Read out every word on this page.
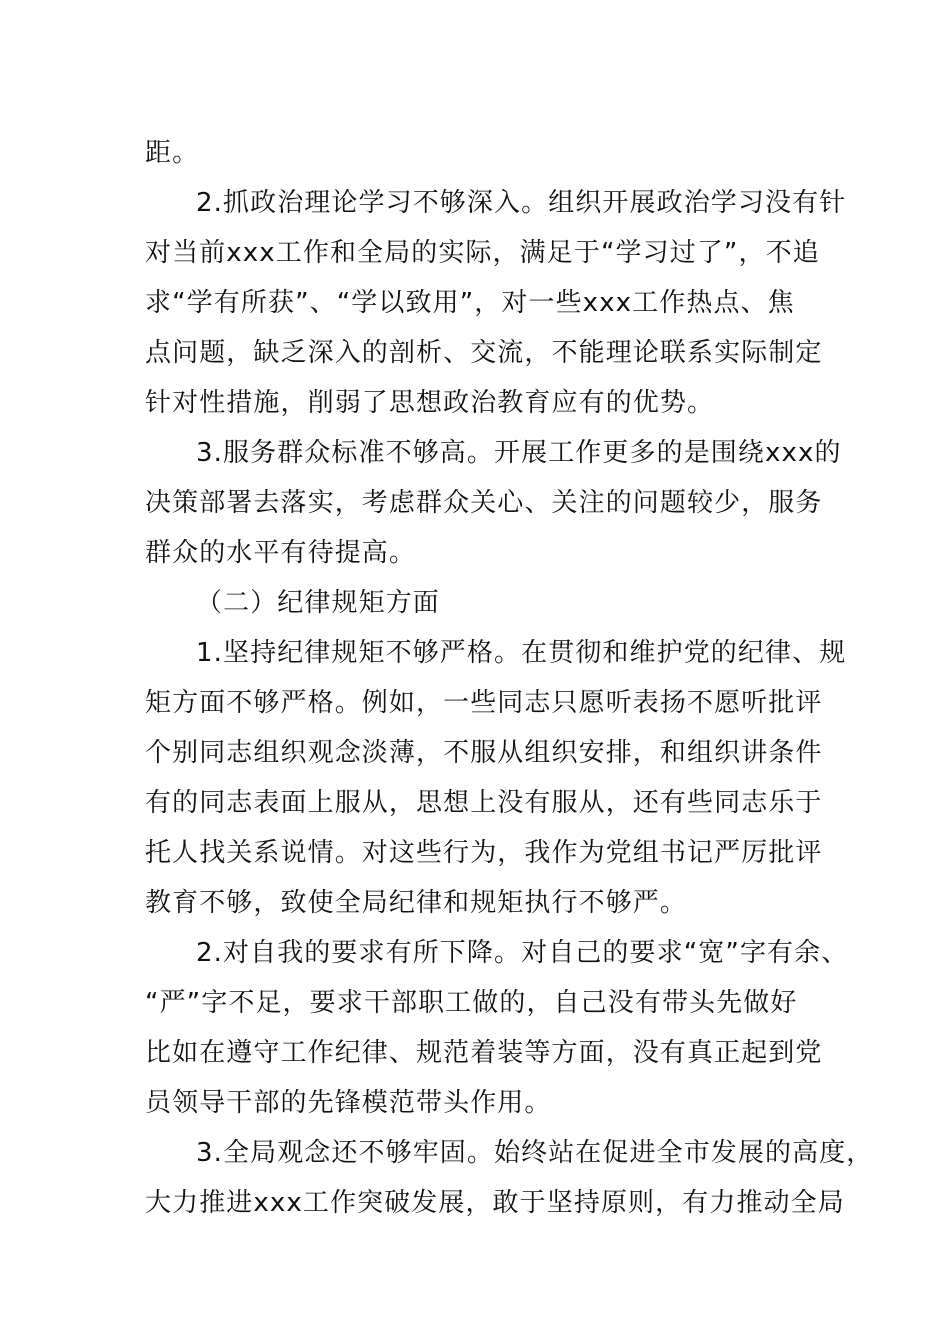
距。
2.抓政治理论学习不够深入。组织开展政治学习没有针
对当前xxx工作和全局的实际，满足于“学习过了”，不追
求“学有所获”、“学以致用”，对一些xxx工作热点、焦
点问题，缺乏深入的剖析、交流，不能理论联系实际制定
针对性措施，削弱了思想政治教育应有的优势。
3.服务群众标准不够高。开展工作更多的是围绕xxx的
决策部署去落实，考虑群众关心、关注的问题较少，服务
群众的水平有待提高。
（二）纪律规矩方面
1.坚持纪律规矩不够严格。在贯彻和维护党的纪律、规
矩方面不够严格。例如，一些同志只愿听表扬不愿听批评
个别同志组织观念淡薄，不服从组织安排，和组织讲条件
有的同志表面上服从，思想上没有服从，还有些同志乐于
托人找关系说情。对这些行为，我作为党组书记严厉批评
教育不够，致使全局纪律和规矩执行不够严。
2.对自我的要求有所下降。对自己的要求“宽”字有余、
“严”字不足，要求干部职工做的，自己没有带头先做好
比如在遵守工作纪律、规范着装等方面，没有真正起到党
员领导干部的先锋模范带头作用。
3.全局观念还不够牢固。始终站在促进全市发展的高度，
大力推进xxx工作突破发展，敢于坚持原则，有力推动全局
